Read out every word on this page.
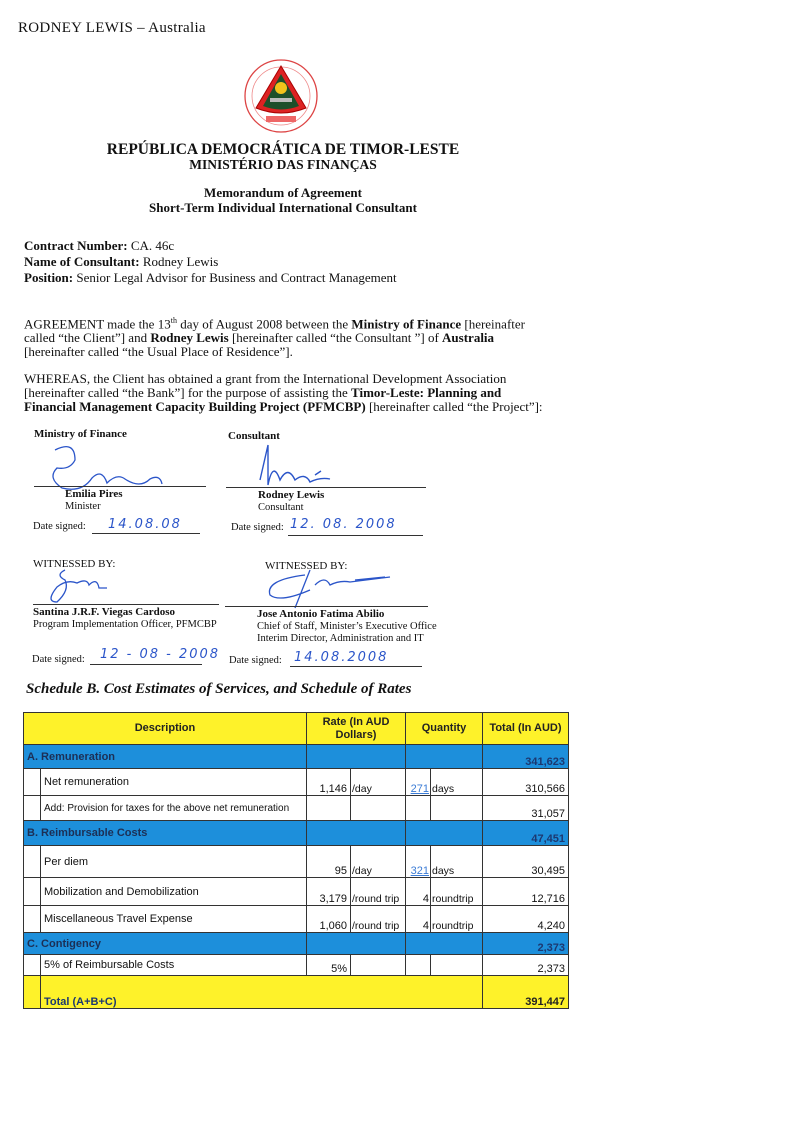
RODNEY LEWIS – Australia
REPÚBLICA DEMOCRÁTICA DE TIMOR-LESTE
MINISTÉRIO DAS FINANÇAS
Memorandum of Agreement
Short-Term Individual International Consultant
Contract Number: CA. 46c
Name of Consultant: Rodney Lewis
Position: Senior Legal Advisor for Business and Contract Management
AGREEMENT made the 13th day of August 2008 between the Ministry of Finance [hereinafter called “the Client”] and Rodney Lewis [hereinafter called “the Consultant ”] of Australia [hereinafter called “the Usual Place of Residence”].
WHEREAS, the Client has obtained a grant from the International Development Association [hereinafter called “the Bank”] for the purpose of assisting the Timor-Leste: Planning and Financial Management Capacity Building Project (PFMCBP) [hereinafter called “the Project”]:
Ministry of Finance
Emilia Pires
Minister
Date signed: 14.08.08
Consultant
Rodney Lewis
Consultant
Date signed: 12. 08. 2008
WITNESSED BY:
Santina J.R.F. Viegas Cardoso
Program Implementation Officer, PFMCBP
Date signed: 12 - 08 - 2008
WITNESSED BY:
Jose Antonio Fatima Abilio
Chief of Staff, Minister’s Executive Office
Interim Director, Administration and IT
Date signed: 14.08.2008
Schedule B. Cost Estimates of Services, and Schedule of Rates
Description		Rate (In AUD Dollars)		Quantity		Total (In AUD)
A. Remuneration						341,623
	Net remuneration	1,146	/day	271	days	310,566
	Add: Provision for taxes for the above net remuneration					31,057
B. Reimbursable Costs						47,451
	Per diem	95	/day	321	days	30,495
	Mobilization and Demobilization	3,179	/round trip	4	roundtrip	12,716
	Miscellaneous Travel Expense	1,060	/round trip	4	roundtrip	4,240
C. Contigency						2,373
	5% of Reimbursable Costs	5%				2,373
	Total (A+B+C)					391,447
